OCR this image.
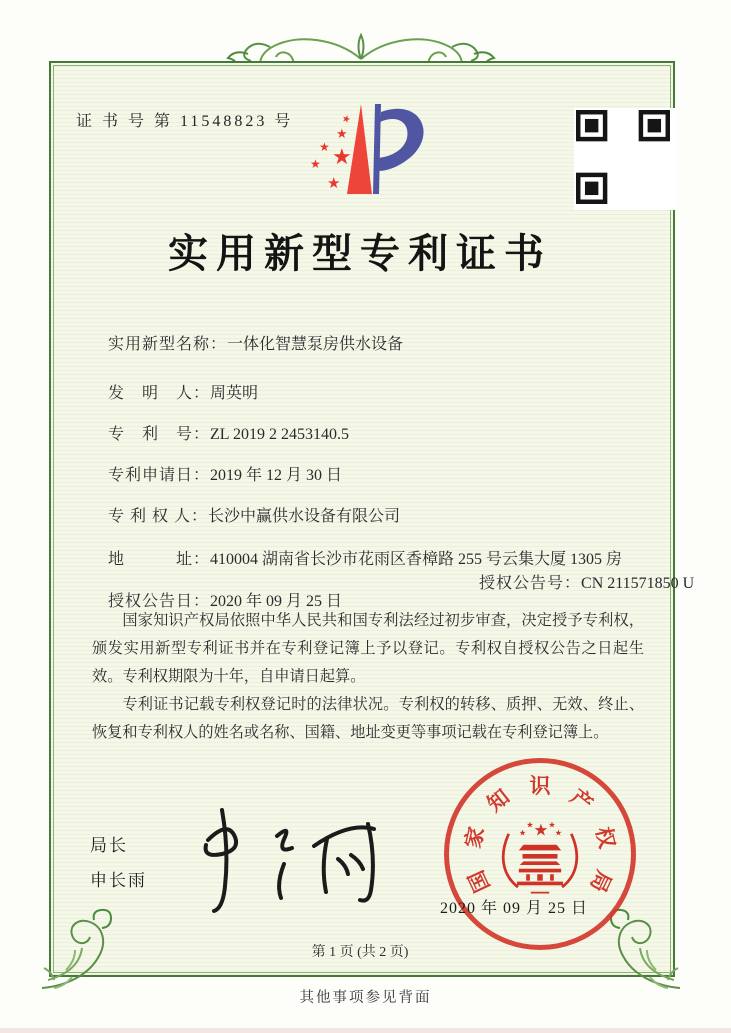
证 书 号 第 11548823 号
★
★ ★
★
★
★
实用新型专利证书

实用新型名称：一体化智慧泵房供水设备

发　明　人：周英明

专　利　号：ZL 2019 2 2453140.5

专利申请日：2019 年 12 月 30 日

专 利 权 人：长沙中赢供水设备有限公司

地　　　址：410004 湖南省长沙市花雨区香樟路 255 号云集大厦 1305 房

授权公告日：2020 年 09 月 25 日

授权公告号：CN 211571850 U

国家知识产权局依照中华人民共和国专利法经过初步审查，决定授予专利权，颁发实用新型专利证书并在专利登记簿上予以登记。专利权自授权公告之日起生效。专利权期限为十年，自申请日起算。

专利证书记载专利权登记时的法律状况。专利权的转移、质押、无效、终止、恢复和专利权人的姓名或名称、国籍、地址变更等事项记载在专利登记簿上。

局长
申长雨	国
家
知 识 产
权
局
★
★
★ ★
★
2020 年 09 月 25 日
第 1 页 (共 2 页)
其他事项参见背面
